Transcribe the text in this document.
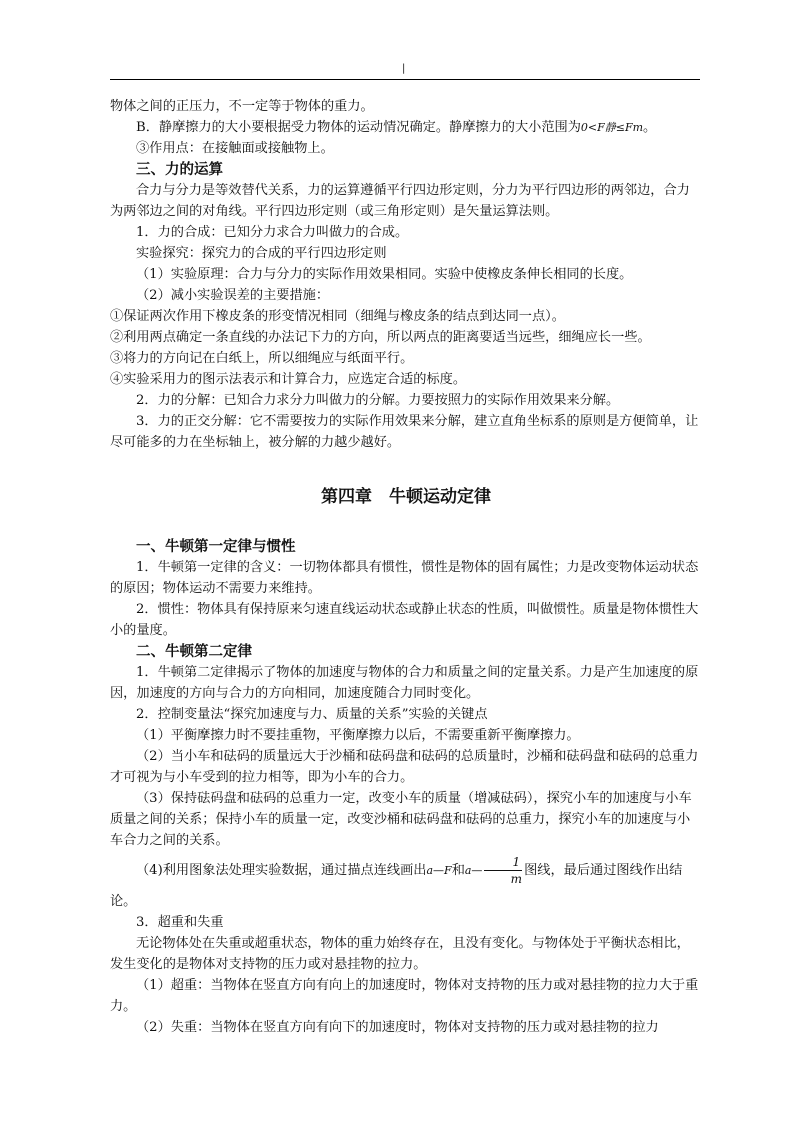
|

物体之间的正压力，不一定等于物体的重力。

B．静摩擦力的大小要根据受力物体的运动情况确定。静摩擦力的大小范围为0<F静≤Fm。

③作用点：在接触面或接触物上。

三、力的运算

合力与分力是等效替代关系，力的运算遵循平行四边形定则，分力为平行四边形的两邻边，合力为两邻边之间的对角线。平行四边形定则（或三角形定则）是矢量运算法则。

1．力的合成：已知分力求合力叫做力的合成。

实验探究：探究力的合成的平行四边形定则

（1）实验原理：合力与分力的实际作用效果相同。实验中使橡皮条伸长相同的长度。

（2）减小实验误差的主要措施：

①保证两次作用下橡皮条的形变情况相同（细绳与橡皮条的结点到达同一点）。

②利用两点确定一条直线的办法记下力的方向，所以两点的距离要适当远些，细绳应长一些。

③将力的方向记在白纸上，所以细绳应与纸面平行。

④实验采用力的图示法表示和计算合力，应选定合适的标度。

2．力的分解：已知合力求分力叫做力的分解。力要按照力的实际作用效果来分解。

3．力的正交分解：它不需要按力的实际作用效果来分解，建立直角坐标系的原则是方便简单，让尽可能多的力在坐标轴上，被分解的力越少越好。

第四章　牛顿运动定律

一、牛顿第一定律与惯性

1．牛顿第一定律的含义：一切物体都具有惯性，惯性是物体的固有属性；力是改变物体运动状态的原因；物体运动不需要力来维持。

2．惯性：物体具有保持原来匀速直线运动状态或静止状态的性质，叫做惯性。质量是物体惯性大小的量度。

二、牛顿第二定律

1．牛顿第二定律揭示了物体的加速度与物体的合力和质量之间的定量关系。力是产生加速度的原因，加速度的方向与合力的方向相同，加速度随合力同时变化。

2．控制变量法“探究加速度与力、质量的关系”实验的关键点

（1）平衡摩擦力时不要挂重物，平衡摩擦力以后，不需要重新平衡摩擦力。

（2）当小车和砝码的质量远大于沙桶和砝码盘和砝码的总质量时，沙桶和砝码盘和砝码的总重力才可视为与小车受到的拉力相等，即为小车的合力。

（3）保持砝码盘和砝码的总重力一定，改变小车的质量（增减砝码），探究小车的加速度与小车质量之间的关系；保持小车的质量一定，改变沙桶和砝码盘和砝码的总重力，探究小车的加速度与小车合力之间的关系。

（4)利用图象法处理实验数据，通过描点连线画出a—F和a— $\frac{1}{m}$ 图线，最后通过图线作出结论。

3．超重和失重

无论物体处在失重或超重状态，物体的重力始终存在，且没有变化。与物体处于平衡状态相比，发生变化的是物体对支持物的压力或对悬挂物的拉力。

（1）超重：当物体在竖直方向有向上的加速度时，物体对支持物的压力或对悬挂物的拉力大于重力。

（2）失重：当物体在竖直方向有向下的加速度时，物体对支持物的压力或对悬挂物的拉力
